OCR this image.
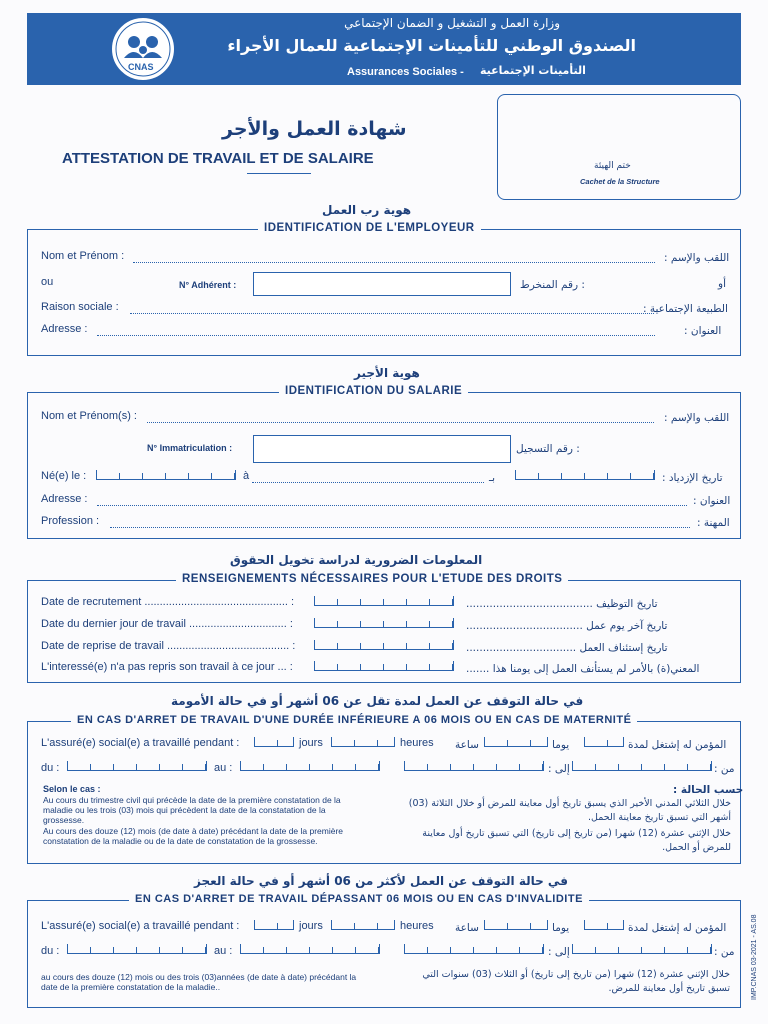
CNAS
وزارة العمل و التشغيل و الضمان الإجتماعي
الصندوق الوطني للتأمينات الإجتماعية للعمال الأجراء
Assurances Sociales - التأمينات الإجتماعية
شهادة العمل والأجر
ATTESTATION DE TRAVAIL ET DE SALAIRE	ختم الهيئة
Cachet de la Structure
هوية رب العمل
IDENTIFICATION DE L'EMPLOYEUR
Nom et Prénom :	اللقب والإسم :
ou	N° Adhérent :	: رقم المنخرط	أو
Raison sociale :	الطبيعة الإجتماعية :
Adresse :	العنوان :
هوية الأجير
IDENTIFICATION DU SALARIE
Nom et Prénom(s) :	اللقب والإسم :
N° Immatriculation :	: رقم التسجيل
Né(e) le :	à	بـ	تاريخ الإزدياد :
Adresse :	العنوان :
Profession :	المهنة :
المعلومات الضرورية لدراسة تخويل الحقوق
RENSEIGNEMENTS NÉCESSAIRES POUR L'ETUDE DES DROITS
Date de recrutement ............................................... :	تاريخ التوظيف ......................................
Date du dernier jour de travail ................................ :	تاريخ آخر يوم عمل ...................................
Date de reprise de travail ........................................ :	تاريخ إستئناف العمل .................................
L'interessé(e) n'a pas repris son travail à ce jour ... :	المعني(ة) بالأمر لم يستأنف العمل إلى يومنا هذا .......
في حالة التوقف عن العمل لمدة تقل عن 06 أشهر أو في حالة الأمومة
EN CAS D'ARRET DE TRAVAIL D'UNE DURÉE INFÉRIEURE A 06 MOIS OU EN CAS DE MATERNITÉ
L'assuré(e) social(e) a travaillé pendant :	jours	heures ساعة	يوما	المؤمن له إشتغل لمدة
du :	au :	إلى :	من :
Selon le cas :
Au cours du trimestre civil qui précède la date de la première constatation de la maladie ou les trois (03) mois qui précèdent la date de la constatation de la grossesse.
Au cours des douze (12) mois (de date à date) précédant la date de la première constatation de la maladie ou de la date de constatation de la grossesse.
حسب الحالة :
خلال الثلاثي المدني الأخير الذي يسبق تاريخ أول معاينة للمرض أو خلال الثلاثة (03) أشهر التي تسبق تاريخ معاينة الحمل.
خلال الإثني عشرة (12) شهرا (من تاريخ إلى تاريخ) التي تسبق تاريخ أول معاينة للمرض أو الحمل.
في حالة التوقف عن العمل لأكثر من 06 أشهر أو في حالة العجز
EN CAS D'ARRET DE TRAVAIL DÉPASSANT 06 MOIS OU EN CAS D'INVALIDITE
L'assuré(e) social(e) a travaillé pendant :	jours	heures ساعة	يوما	المؤمن له إشتغل لمدة
du :	au :	إلى :	من :
au cours des douze (12) mois ou des trois (03)années (de date à date) précédant la date de la première constatation de la maladie..
خلال الإثني عشرة (12) شهرا (من تاريخ إلى تاريخ) أو الثلاث (03) سنوات التي تسبق تاريخ أول معاينة للمرض.	IMP.CNAS 03-2021 - AS.08
